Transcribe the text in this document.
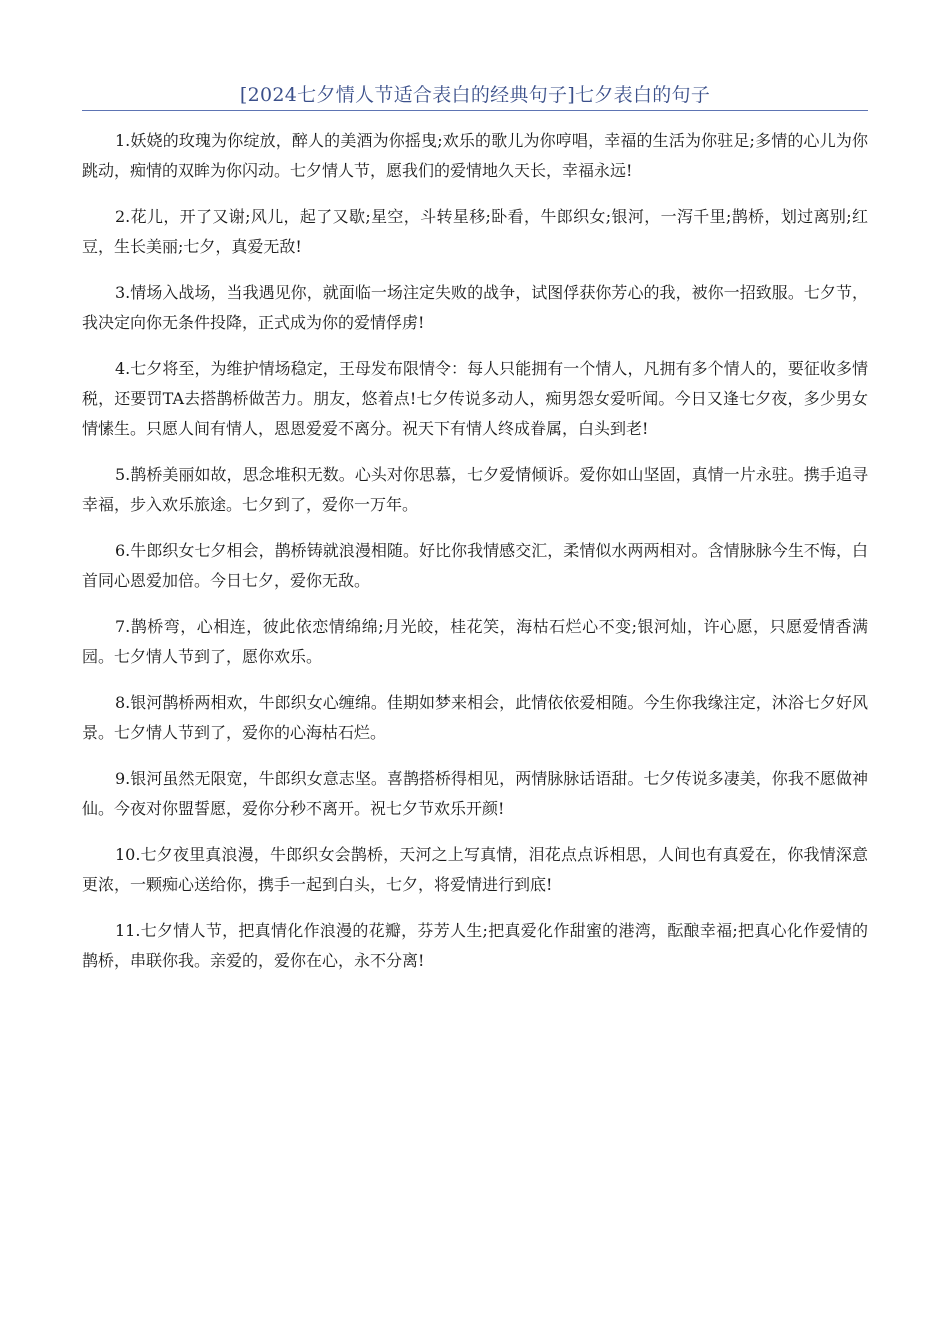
[2024七夕情人节适合表白的经典句子]七夕表白的句子

1.妖娆的玫瑰为你绽放，醉人的美酒为你摇曳;欢乐的歌儿为你哼唱，幸福的生活为你驻足;多情的心儿为你跳动，痴情的双眸为你闪动。七夕情人节，愿我们的爱情地久天长，幸福永远!

2.花儿，开了又谢;风儿，起了又歇;星空，斗转星移;卧看，牛郎织女;银河，一泻千里;鹊桥，划过离别;红豆，生长美丽;七夕，真爱无敌!

3.情场入战场，当我遇见你，就面临一场注定失败的战争，试图俘获你芳心的我，被你一招致服。七夕节，我决定向你无条件投降，正式成为你的爱情俘虏!

4.七夕将至，为维护情场稳定，王母发布限情令：每人只能拥有一个情人，凡拥有多个情人的，要征收多情税，还要罚TA去搭鹊桥做苦力。朋友，悠着点!七夕传说多动人，痴男怨女爱听闻。今日又逢七夕夜，多少男女情愫生。只愿人间有情人，恩恩爱爱不离分。祝天下有情人终成眷属，白头到老!

5.鹊桥美丽如故，思念堆积无数。心头对你思慕，七夕爱情倾诉。爱你如山坚固，真情一片永驻。携手追寻幸福，步入欢乐旅途。七夕到了，爱你一万年。

6.牛郎织女七夕相会，鹊桥铸就浪漫相随。好比你我情感交汇，柔情似水两两相对。含情脉脉今生不悔，白首同心恩爱加倍。今日七夕，爱你无敌。

7.鹊桥弯，心相连，彼此依恋情绵绵;月光皎，桂花笑，海枯石烂心不变;银河灿，许心愿，只愿爱情香满园。七夕情人节到了，愿你欢乐。

8.银河鹊桥两相欢，牛郎织女心缠绵。佳期如梦来相会，此情依依爱相随。今生你我缘注定，沐浴七夕好风景。七夕情人节到了，爱你的心海枯石烂。

9.银河虽然无限宽，牛郎织女意志坚。喜鹊搭桥得相见，两情脉脉话语甜。七夕传说多凄美，你我不愿做神仙。今夜对你盟誓愿，爱你分秒不离开。祝七夕节欢乐开颜!

10.七夕夜里真浪漫，牛郎织女会鹊桥，天河之上写真情，泪花点点诉相思，人间也有真爱在，你我情深意更浓，一颗痴心送给你，携手一起到白头，七夕，将爱情进行到底!

11.七夕情人节，把真情化作浪漫的花瓣，芬芳人生;把真爱化作甜蜜的港湾，酝酿幸福;把真心化作爱情的鹊桥，串联你我。亲爱的，爱你在心，永不分离!
